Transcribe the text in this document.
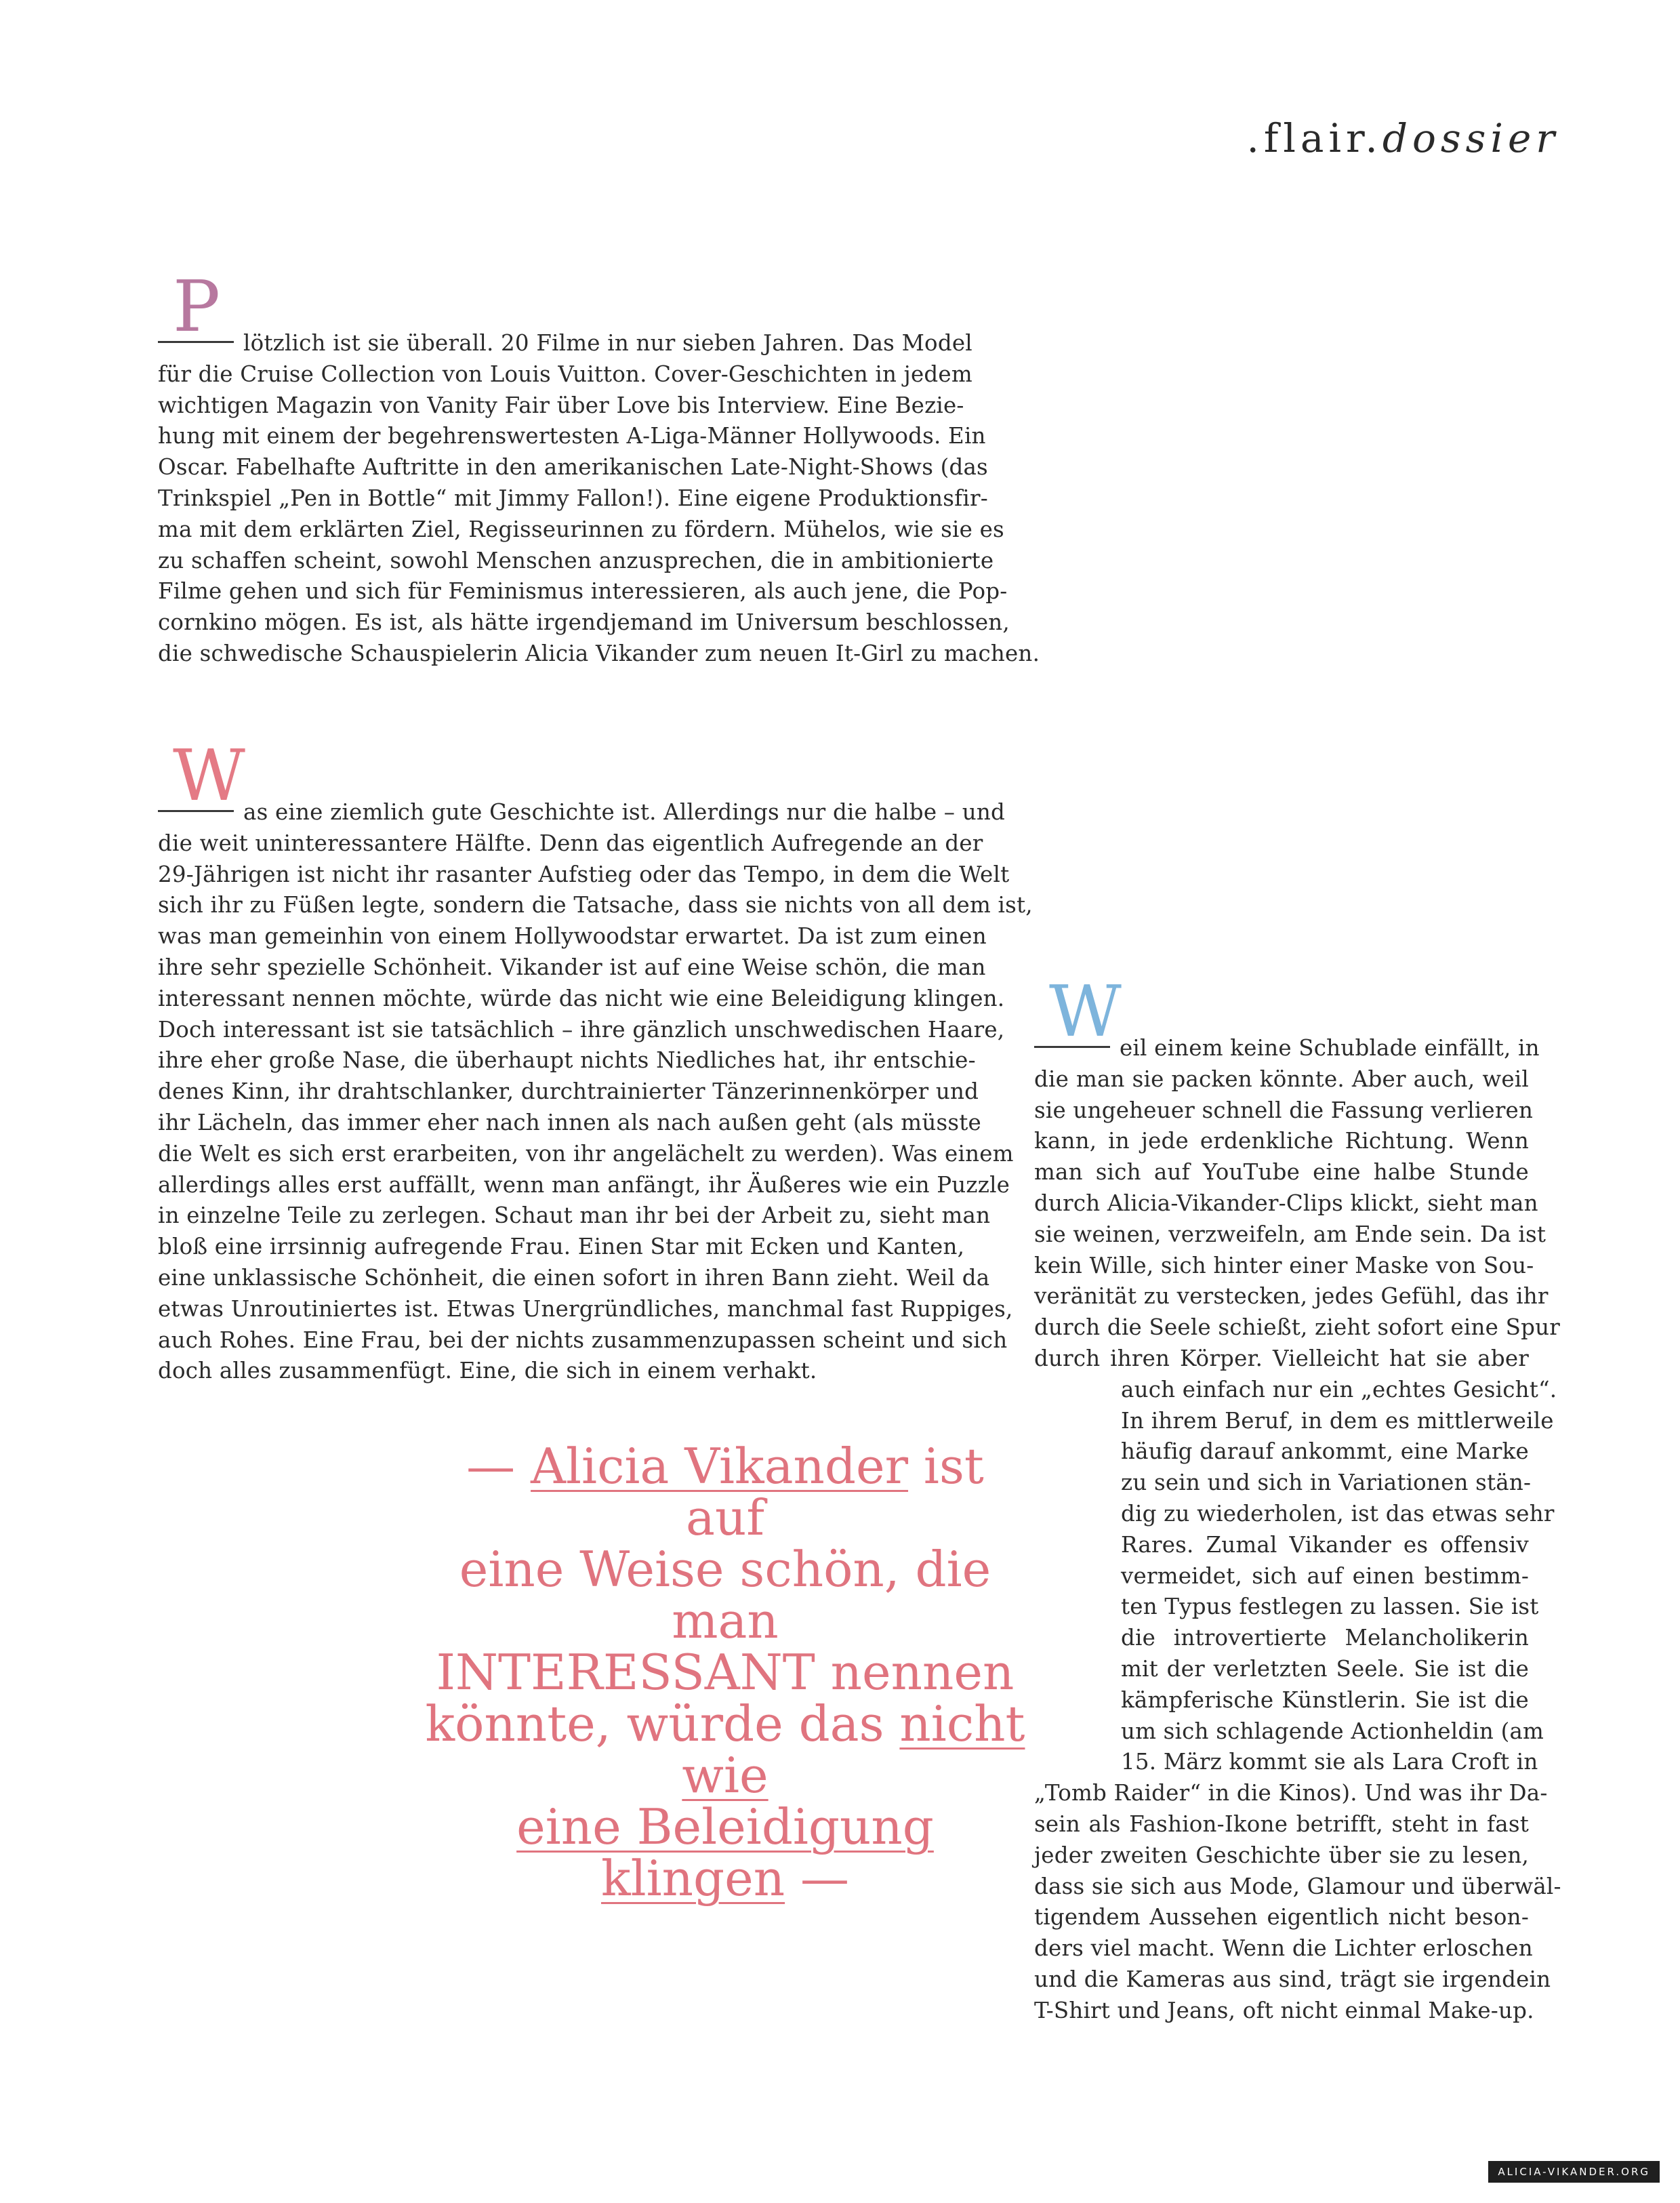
.flair.dossier
P	lötzlich ist sie überall. 20 Filme in nur sieben Jahren. Das Model
für die Cruise Collection von Louis Vuitton. Cover-Geschichten in jedem
wichtigen Magazin von Vanity Fair über Love bis Interview. Eine Bezie-
hung mit einem der begehrenswertesten A-Liga-Männer Hollywoods. Ein
Oscar. Fabelhafte Auftritte in den amerikanischen Late-Night-Shows (das
Trinkspiel „Pen in Bottle“ mit Jimmy Fallon!). Eine eigene Produktionsfir-
ma mit dem erklärten Ziel, Regisseurinnen zu fördern. Mühelos, wie sie es
zu schaffen scheint, sowohl Menschen anzusprechen, die in ambitionierte
Filme gehen und sich für Feminismus interessieren, als auch jene, die Pop-
cornkino mögen. Es ist, als hätte irgendjemand im Universum beschlossen,
die schwedische Schauspielerin Alicia Vikander zum neuen It-Girl zu machen.
W
as eine ziemlich gute Geschichte ist. Allerdings nur die halbe – und
die weit uninteressantere Hälfte. Denn das eigentlich Aufregende an der
29-Jährigen ist nicht ihr rasanter Aufstieg oder das Tempo, in dem die Welt
sich ihr zu Füßen legte, sondern die Tatsache, dass sie nichts von all dem ist,
was man gemeinhin von einem Hollywoodstar erwartet. Da ist zum einen
ihre sehr spezielle Schönheit. Vikander ist auf eine Weise schön, die man
interessant nennen möchte, würde das nicht wie eine Beleidigung klingen.
Doch interessant ist sie tatsächlich – ihre gänzlich unschwedischen Haare,
ihre eher große Nase, die überhaupt nichts Niedliches hat, ihr entschie-
denes Kinn, ihr drahtschlanker, durchtrainierter Tänzerinnenkörper und
ihr Lächeln, das immer eher nach innen als nach außen geht (als müsste
die Welt es sich erst erarbeiten, von ihr angelächelt zu werden). Was einem
allerdings alles erst auffällt, wenn man anfängt, ihr Äußeres wie ein Puzzle
in einzelne Teile zu zerlegen. Schaut man ihr bei der Arbeit zu, sieht man
bloß eine irrsinnig aufregende Frau. Einen Star mit Ecken und Kanten,
eine unklassische Schönheit, die einen sofort in ihren Bann zieht. Weil da
etwas Unroutiniertes ist. Etwas Unergründliches, manchmal fast Ruppiges,
auch Rohes. Eine Frau, bei der nichts zusammenzupassen scheint und sich
doch alles zusammenfügt. Eine, die sich in einem verhakt.
W
eil einem keine Schublade einfällt, in
die man sie packen könnte. Aber auch, weil
sie ungeheuer schnell die Fassung verlieren
kann, in jede erdenkliche Richtung. Wenn
man sich auf YouTube eine halbe Stunde
durch Alicia-Vikander-Clips klickt, sieht man
sie weinen, verzweifeln, am Ende sein. Da ist
kein Wille, sich hinter einer Maske von Sou-
veränität zu verstecken, jedes Gefühl, das ihr
durch die Seele schießt, zieht sofort eine Spur
durch ihren Körper. Vielleicht hat sie aber
auch einfach nur ein „echtes Gesicht“.
In ihrem Beruf, in dem es mittlerweile
häufig darauf ankommt, eine Marke
zu sein und sich in Variationen stän-
dig zu wiederholen, ist das etwas sehr
Rares. Zumal Vikander es offensiv
vermeidet, sich auf einen bestimm-
ten Typus festlegen zu lassen. Sie ist
die introvertierte Melancholikerin
mit der verletzten Seele. Sie ist die
kämpferische Künstlerin. Sie ist die
um sich schlagende Actionheldin (am
15. März kommt sie als Lara Croft in
„Tomb Raider“ in die Kinos). Und was ihr Da-
sein als Fashion-Ikone betrifft, steht in fast
jeder zweiten Geschichte über sie zu lesen,
dass sie sich aus Mode, Glamour und überwäl-
tigendem Aussehen eigentlich nicht beson-
ders viel macht. Wenn die Lichter erloschen
und die Kameras aus sind, trägt sie irgendein
T-Shirt und Jeans, oft nicht einmal Make-up.
— Alicia Vikander ist auf
eine Weise schön, die man
INTERESSANT nennen
könnte, würde das nicht wie
eine Beleidigung klingen —
ALICIA-VIKANDER.ORG
